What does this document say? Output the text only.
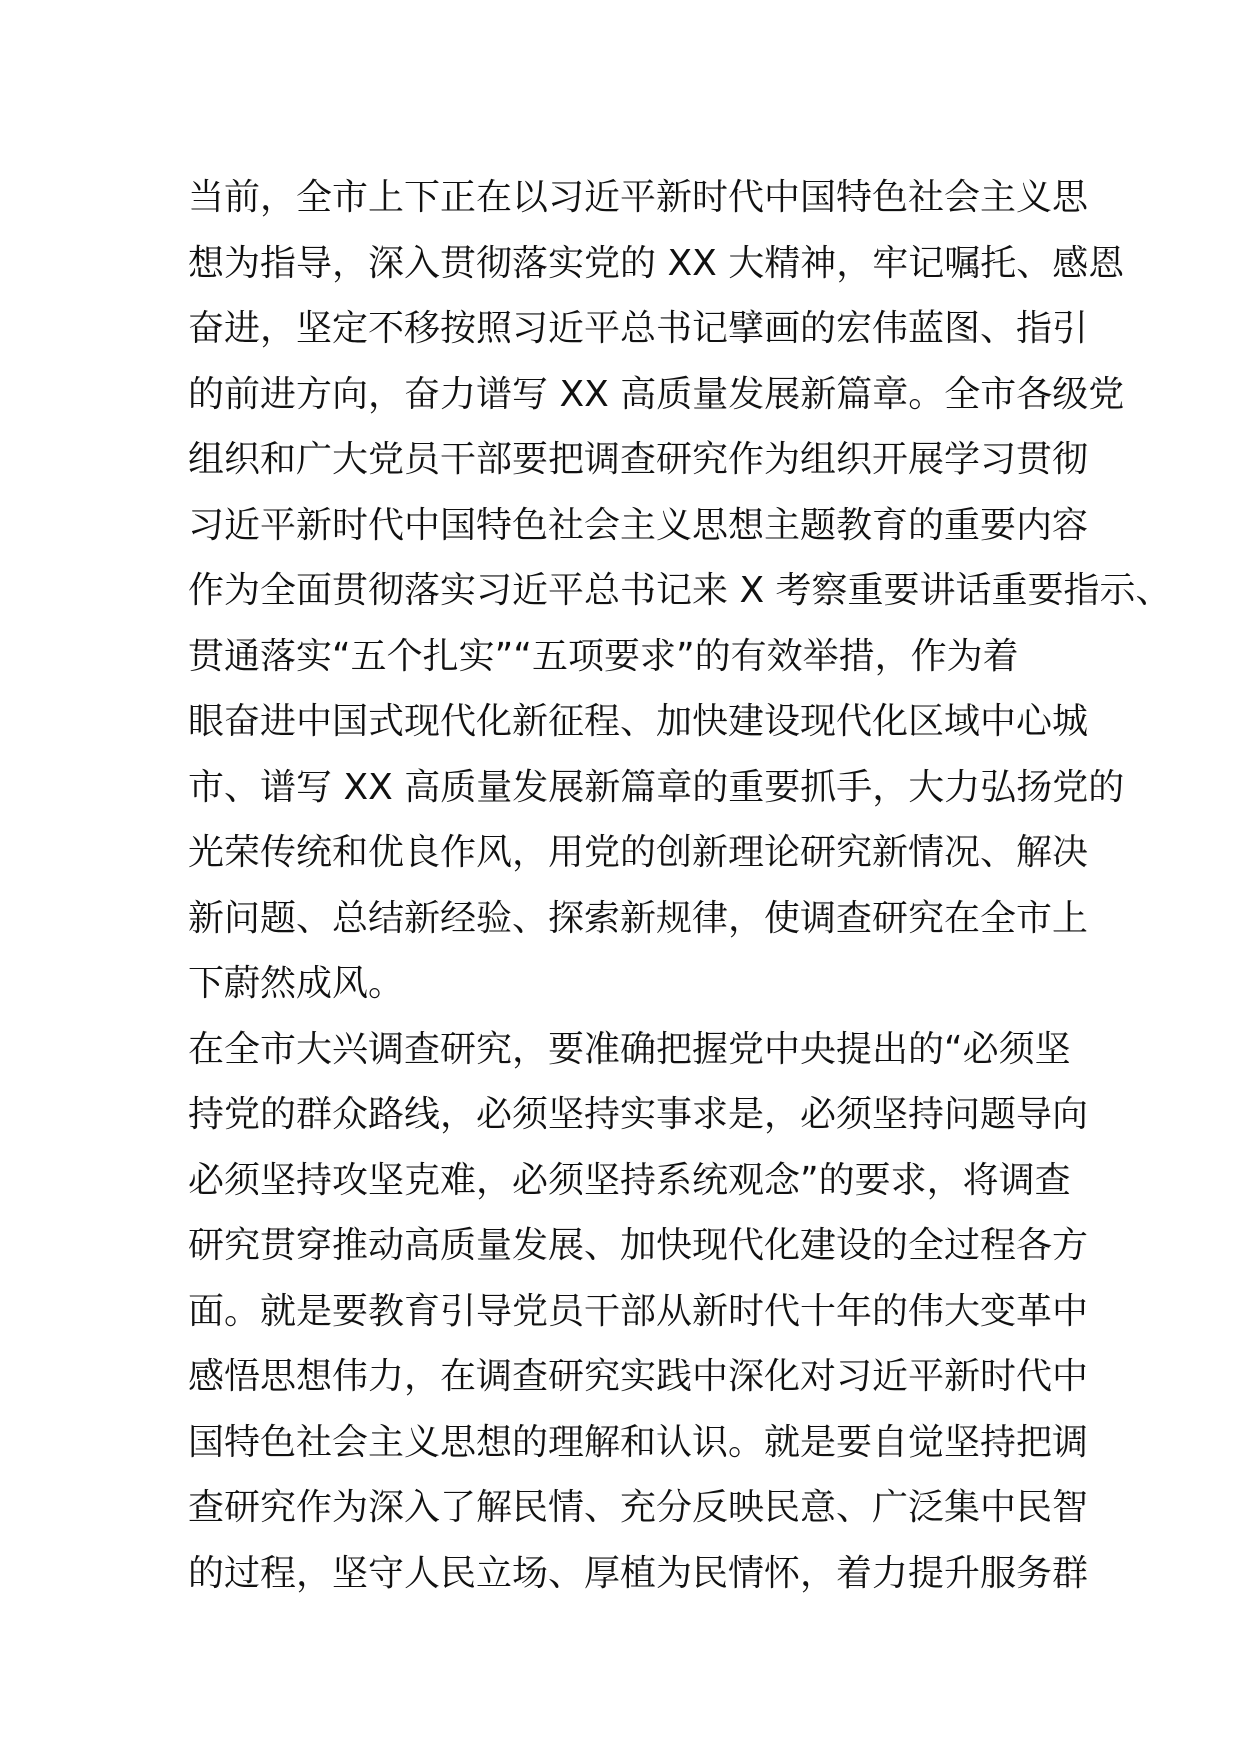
当前，全市上下正在以习近平新时代中国特色社会主义思
想为指导，深入贯彻落实党的 XX 大精神，牢记嘱托、感恩
奋进，坚定不移按照习近平总书记擘画的宏伟蓝图、指引
的前进方向，奋力谱写 XX 高质量发展新篇章。全市各级党
组织和广大党员干部要把调查研究作为组织开展学习贯彻
习近平新时代中国特色社会主义思想主题教育的重要内容
作为全面贯彻落实习近平总书记来 X 考察重要讲话重要指示、
贯通落实“五个扎实”“五项要求”的有效举措，作为着
眼奋进中国式现代化新征程、加快建设现代化区域中心城
市、谱写 XX 高质量发展新篇章的重要抓手，大力弘扬党的
光荣传统和优良作风，用党的创新理论研究新情况、解决
新问题、总结新经验、探索新规律，使调查研究在全市上
下蔚然成风。
在全市大兴调查研究，要准确把握党中央提出的“必须坚
持党的群众路线，必须坚持实事求是，必须坚持问题导向
必须坚持攻坚克难，必须坚持系统观念”的要求，将调查
研究贯穿推动高质量发展、加快现代化建设的全过程各方
面。就是要教育引导党员干部从新时代十年的伟大变革中
感悟思想伟力，在调查研究实践中深化对习近平新时代中
国特色社会主义思想的理解和认识。就是要自觉坚持把调
查研究作为深入了解民情、充分反映民意、广泛集中民智
的过程，坚守人民立场、厚植为民情怀，着力提升服务群
